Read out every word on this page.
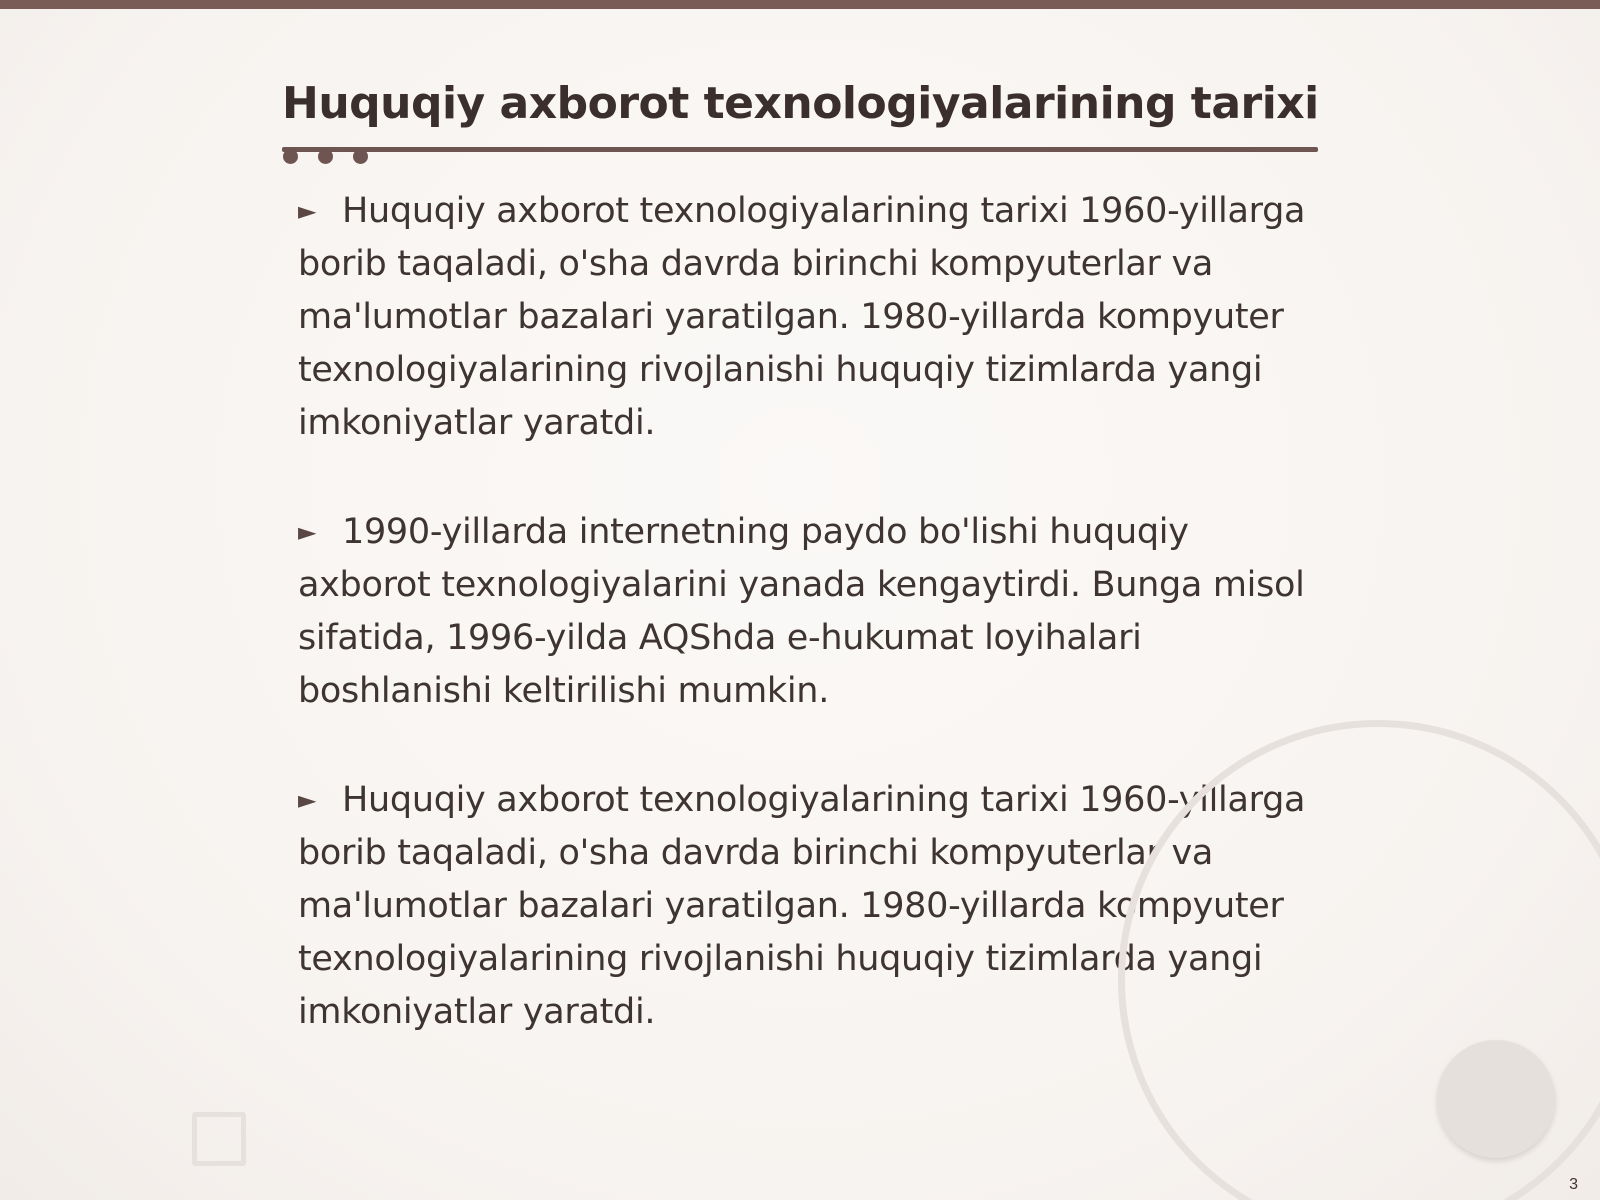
Huquqiy axborot texnologiyalarining tarixi
► Huquqiy axborot texnologiyalarining tarixi 1960-yillarga borib taqaladi, o'sha davrda birinchi kompyuterlar va ma'lumotlar bazalari yaratilgan. 1980-yillarda kompyuter texnologiyalarining rivojlanishi huquqiy tizimlarda yangi imkoniyatlar yaratdi.
► 1990-yillarda internetning paydo bo'lishi huquqiy axborot texnologiyalarini yanada kengaytirdi. Bunga misol sifatida, 1996-yilda AQShda e-hukumat loyihalari boshlanishi keltirilishi mumkin.
► Huquqiy axborot texnologiyalarining tarixi 1960-yillarga borib taqaladi, o'sha davrda birinchi kompyuterlar va ma'lumotlar bazalari yaratilgan. 1980-yillarda kompyuter texnologiyalarining rivojlanishi huquqiy tizimlarda yangi imkoniyatlar yaratdi.
3
